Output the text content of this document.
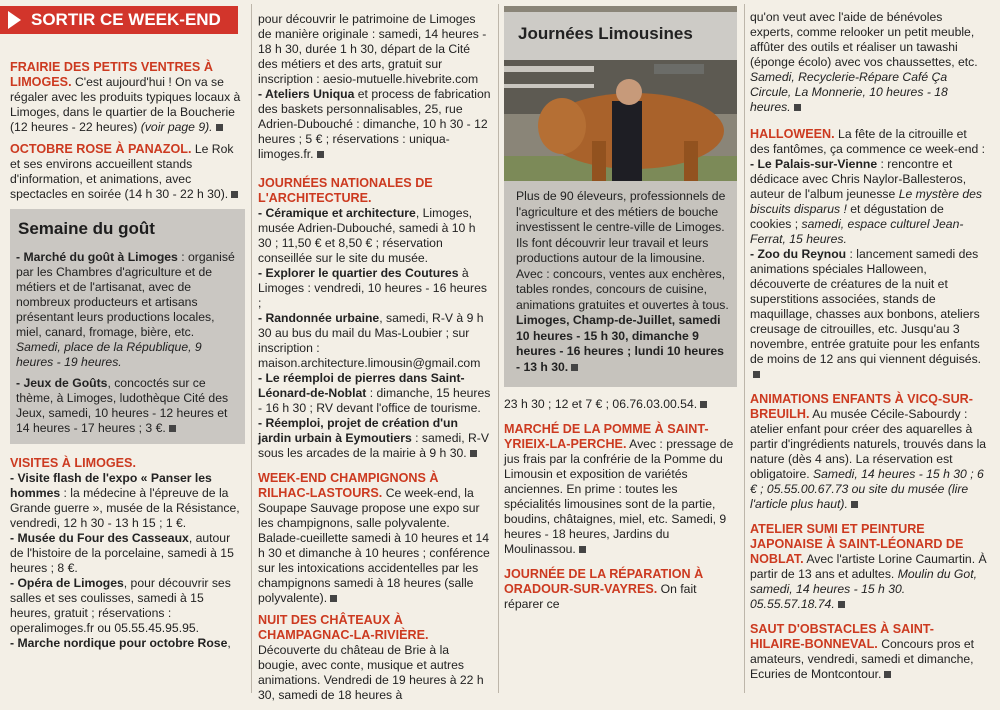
SORTIR CE WEEK-END

FRAIRIE DES PETITS VENTRES À LIMOGES. C'est aujourd'hui ! On va se régaler avec les produits typiques locaux à Limoges, dans le quartier de la Boucherie (12 heures - 22 heures) (voir page 9).

OCTOBRE ROSE À PANAZOL. Le Rok et ses environs accueillent stands d'information, et animations, avec spectacles en soirée (14 h 30 - 22 h 30).

Semaine du goût
- Marché du goût à Limoges : organisé par les Chambres d'agriculture et de métiers et de l'artisanat, avec de nombreux producteurs et artisans présentant leurs productions locales, miel, canard, fromage, bière, etc. Samedi, place de la République, 9 heures - 19 heures.
- Jeux de Goûts, concoctés sur ce thème, à Limoges, ludothèque Cité des Jeux, samedi, 10 heures - 12 heures et 14 heures - 17 heures ; 3 €.

VISITES À LIMOGES.
- Visite flash de l'expo « Panser les hommes : la médecine à l'épreuve de la Grande guerre », musée de la Résistance, vendredi, 12 h 30 - 13 h 15 ; 1 €.
- Musée du Four des Casseaux, autour de l'histoire de la porcelaine, samedi à 15 heures ; 8 €.
- Opéra de Limoges, pour découvrir ses salles et ses coulisses, samedi à 15 heures, gratuit ; réservations : operalimoges.fr ou 05.55.45.95.95.
- Marche nordique pour octobre Rose,

pour découvrir le patrimoine de Limoges de manière originale : samedi, 14 heures - 18 h 30, durée 1 h 30, départ de la Cité des métiers et des arts, gratuit sur inscription : aesio-mutuelle.hivebrite.com
- Ateliers Uniqua et process de fabrication des baskets personnalisables, 25, rue Adrien-Dubouché : dimanche, 10 h 30 - 12 heures ; 5 € ; réservations : uniqua-limoges.fr.

JOURNÉES NATIONALES DE L'ARCHITECTURE.
- Céramique et architecture, Limoges, musée Adrien-Dubouché, samedi à 10 h 30 ; 11,50 € et 8,50 € ; réservation conseillée sur le site du musée.
- Explorer le quartier des Coutures à Limoges : vendredi, 10 heures - 16 heures ;
- Randonnée urbaine, samedi, R-V à 9 h 30 au bus du mail du Mas-Loubier ; sur inscription : maison.architecture.limousin@gmail.com
- Le réemploi de pierres dans Saint-Léonard-de-Noblat : dimanche, 15 heures - 16 h 30 ; RV devant l'office de tourisme.
- Réemploi, projet de création d'un jardin urbain à Eymoutiers : samedi, R-V sous les arcades de la mairie à 9 h 30.

WEEK-END CHAMPIGNONS À RILHAC-LASTOURS. Ce week-end, la Soupape Sauvage propose une expo sur les champignons, salle polyvalente. Balade-cueillette samedi à 10 heures et 14 h 30 et dimanche à 10 heures ; conférence sur les intoxications accidentelles par les champignons samedi à 18 heures (salle polyvalente).

NUIT DES CHÂTEAUX À CHAMPAGNAC-LA-RIVIÈRE. Découverte du château de Brie à la bougie, avec conte, musique et autres animations. Vendredi de 19 heures à 22 h 30, samedi de 18 heures à

Journées Limousines
Plus de 90 éleveurs, professionnels de l'agriculture et des métiers de bouche investissent le centre-ville de Limoges. Ils font découvrir leur travail et leurs productions autour de la limousine. Avec : concours, ventes aux enchères, tables rondes, concours de cuisine, animations gratuites et ouvertes à tous. Limoges, Champ-de-Juillet, samedi 10 heures - 15 h 30, dimanche 9 heures - 16 heures ; lundi 10 heures - 13 h 30.

23 h 30 ; 12 et 7 € ; 06.76.03.00.54.

MARCHÉ DE LA POMME À SAINT-YRIEIX-LA-PERCHE. Avec : pressage de jus frais par la confrérie de la Pomme du Limousin et exposition de variétés anciennes. En prime : toutes les spécialités limousines sont de la partie, boudins, châtaignes, miel, etc. Samedi, 9 heures - 18 heures, Jardins du Moulinassou.

JOURNÉE DE LA RÉPARATION À ORADOUR-SUR-VAYRES. On fait réparer ce

qu'on veut avec l'aide de bénévoles experts, comme relooker un petit meuble, affûter des outils et réaliser un tawashi (éponge écolo) avec vos chaussettes, etc. Samedi, Recyclerie-Répare Café Ça Circule, La Monnerie, 10 heures - 18 heures.

HALLOWEEN. La fête de la citrouille et des fantômes, ça commence ce week-end :
- Le Palais-sur-Vienne : rencontre et dédicace avec Chris Naylor-Ballesteros, auteur de l'album jeunesse Le mystère des biscuits disparus ! et dégustation de cookies ; samedi, espace culturel Jean-Ferrat, 15 heures.
- Zoo du Reynou : lancement samedi des animations spéciales Halloween, découverte de créatures de la nuit et superstitions associées, stands de maquillage, chasses aux bonbons, ateliers creusage de citrouilles, etc. Jusqu'au 3 novembre, entrée gratuite pour les enfants de moins de 12 ans qui viennent déguisés.

ANIMATIONS ENFANTS À VICQ-SUR-BREUILH. Au musée Cécile-Sabourdy : atelier enfant pour créer des aquarelles à partir d'ingrédients naturels, trouvés dans la nature (dès 4 ans). La réservation est obligatoire. Samedi, 14 heures - 15 h 30 ; 6 € ; 05.55.00.67.73 ou site du musée (lire l'article plus haut).

ATELIER SUMI ET PEINTURE JAPONAISE À SAINT-LÉONARD DE NOBLAT. Avec l'artiste Lorine Caumartin. À partir de 13 ans et adultes. Moulin du Got, samedi, 14 heures - 15 h 30. 05.55.57.18.74.

SAUT D'OBSTACLES À SAINT-HILAIRE-BONNEVAL. Concours pros et amateurs, vendredi, samedi et dimanche, Ecuries de Montcontour.
